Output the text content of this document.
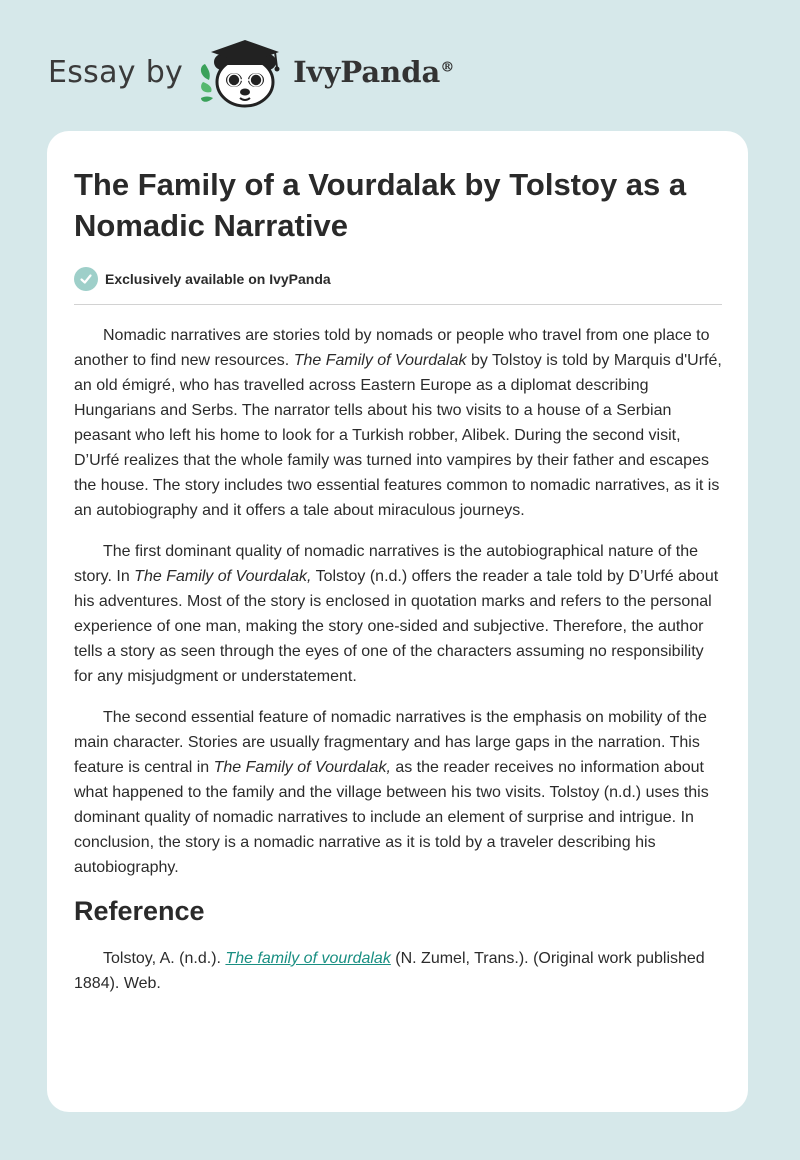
Essay by	IvyPanda®
The Family of a Vourdalak by Tolstoy as a Nomadic Narrative
Exclusively available on IvyPanda

Nomadic narratives are stories told by nomads or people who travel from one place to another to find new resources. The Family of Vourdalak by Tolstoy is told by Marquis d'Urfé, an old émigré, who has travelled across Eastern Europe as a diplomat describing Hungarians and Serbs. The narrator tells about his two visits to a house of a Serbian peasant who left his home to look for a Turkish robber, Alibek. During the second visit, D’Urfé realizes that the whole family was turned into vampires by their father and escapes the house. The story includes two essential features common to nomadic narratives, as it is an autobiography and it offers a tale about miraculous journeys.

The first dominant quality of nomadic narratives is the autobiographical nature of the story. In The Family of Vourdalak, Tolstoy (n.d.) offers the reader a tale told by D’Urfé about his adventures. Most of the story is enclosed in quotation marks and refers to the personal experience of one man, making the story one-sided and subjective. Therefore, the author tells a story as seen through the eyes of one of the characters assuming no responsibility for any misjudgment or understatement.

The second essential feature of nomadic narratives is the emphasis on mobility of the main character. Stories are usually fragmentary and has large gaps in the narration. This feature is central in The Family of Vourdalak, as the reader receives no information about what happened to the family and the village between his two visits. Tolstoy (n.d.) uses this dominant quality of nomadic narratives to include an element of surprise and intrigue. In conclusion, the story is a nomadic narrative as it is told by a traveler describing his autobiography.

Reference

Tolstoy, A. (n.d.). The family of vourdalak (N. Zumel, Trans.). (Original work published 1884). Web.
